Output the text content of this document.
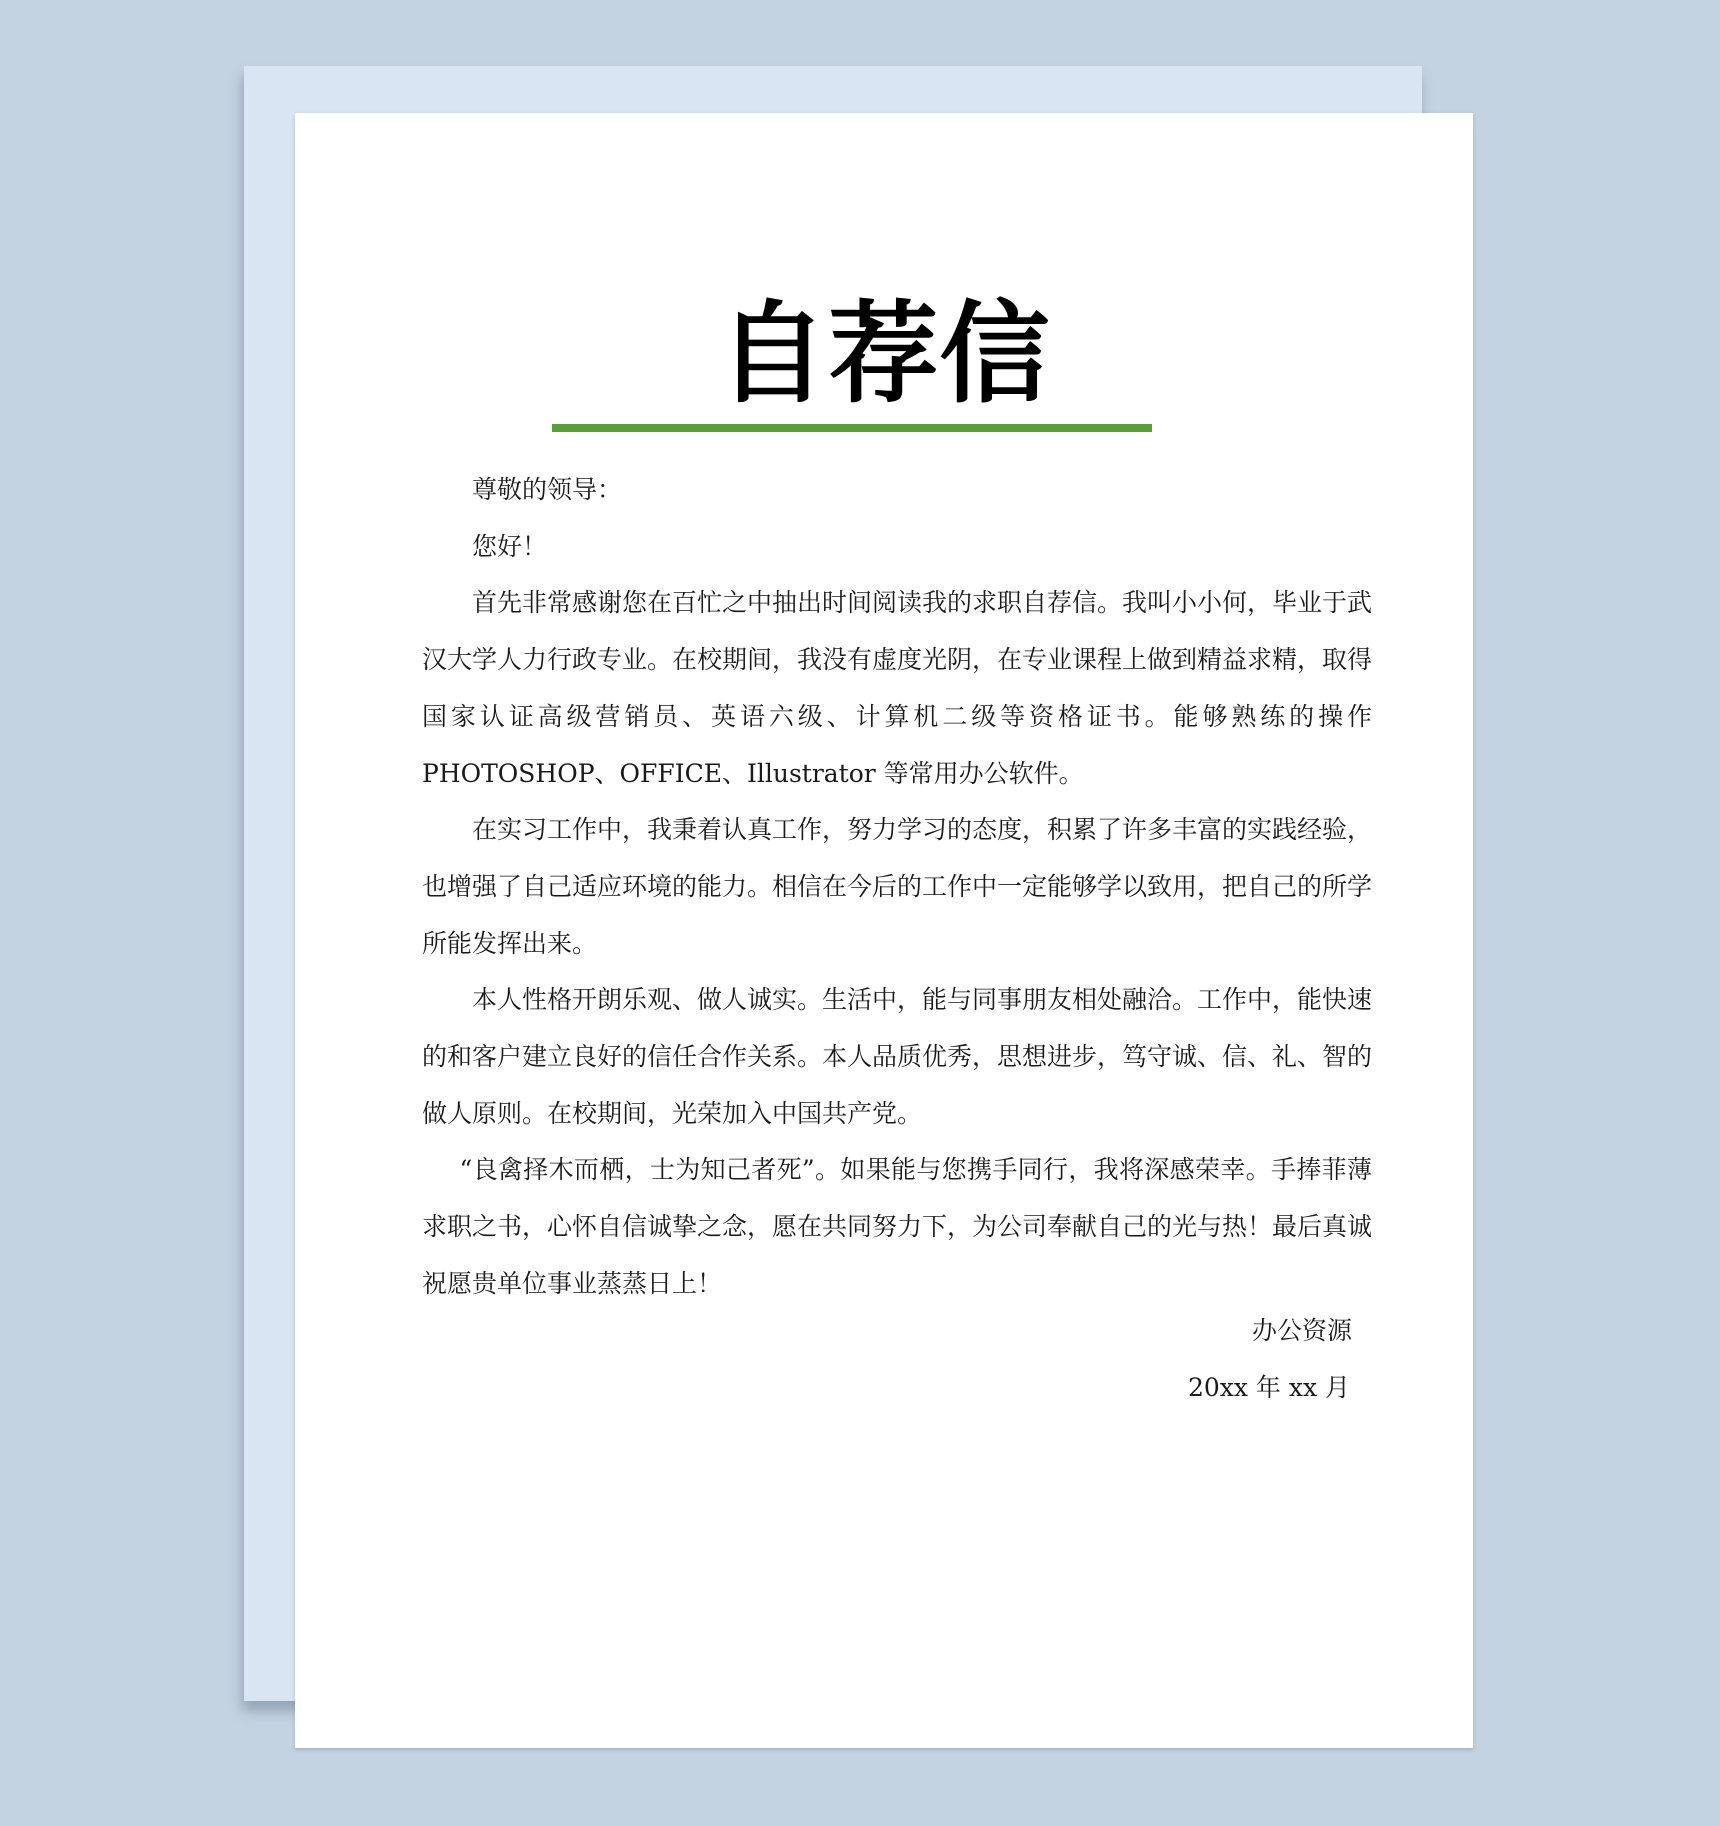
自荐信

尊敬的领导：

您好！

首先非常感谢您在百忙之中抽出时间阅读我的求职自荐信。我叫小小何，毕业于武汉大学人力行政专业。在校期间，我没有虚度光阴，在专业课程上做到精益求精，取得国家认证高级营销员、英语六级、计算机二级等资格证书。能够熟练的操作 PHOTOSHOP、OFFICE、Illustrator 等常用办公软件。

在实习工作中，我秉着认真工作，努力学习的态度，积累了许多丰富的实践经验，也增强了自己适应环境的能力。相信在今后的工作中一定能够学以致用，把自己的所学所能发挥出来。

本人性格开朗乐观、做人诚实。生活中，能与同事朋友相处融洽。工作中，能快速的和客户建立良好的信任合作关系。本人品质优秀，思想进步，笃守诚、信、礼、智的做人原则。在校期间，光荣加入中国共产党。

“良禽择木而栖，士为知己者死”。如果能与您携手同行，我将深感荣幸。手捧菲薄求职之书，心怀自信诚挚之念，愿在共同努力下，为公司奉献自己的光与热！最后真诚祝愿贵单位事业蒸蒸日上！

办公资源
20xx 年 xx 月
